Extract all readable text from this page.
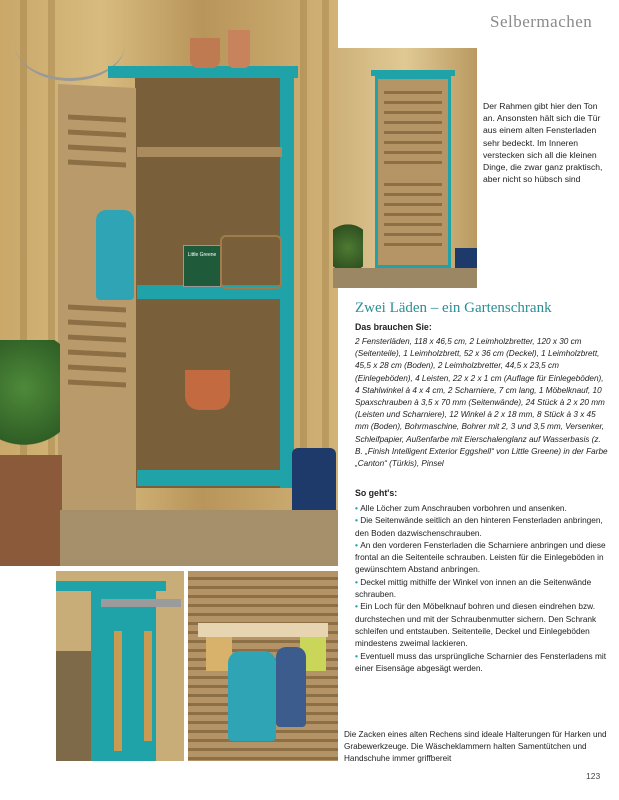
Little Greene
Selbermachen
Der Rahmen gibt hier den Ton an. Ansonsten hält sich die Tür aus einem alten Fensterladen sehr bedeckt. Im Inneren verstecken sich all die kleinen Dinge, die zwar ganz praktisch, aber nicht so hübsch sind
Zwei Läden – ein Gartenschrank
Das brauchen Sie:
2 Fensterläden, 118 x 46,5 cm, 2 Leimholzbretter, 120 x 30 cm (Seitenteile), 1 Leimholzbrett, 52 x 36 cm (Deckel), 1 Leimholzbrett, 45,5 x 28 cm (Boden), 2 Leimholzbretter, 44,5 x 23,5 cm (Einlegeböden), 4 Leisten, 22 x 2 x 1 cm (Auflage für Einlegeböden), 4 Stahlwinkel à 4 x 4 cm, 2 Scharniere, 7 cm lang, 1 Möbelknauf, 10 Spaxschrauben à 3,5 x 70 mm (Seitenwände), 24 Stück à 2 x 20 mm (Leisten und Scharniere), 12 Winkel à 2 x 18 mm, 8 Stück à 3 x 45 mm (Boden), Bohrmaschine, Bohrer mit 2, 3 und 3,5 mm, Versenker, Schleifpapier, Außenfarbe mit Eierschalenglanz auf Wasserbasis (z. B. „Finish Intelligent Exterior Eggshell“ von Little Greene) in der Farbe „Canton“ (Türkis), Pinsel
So geht's:

• Alle Löcher zum Anschrauben vorbohren und ansenken.

• Die Seitenwände seitlich an den hinteren Fensterladen anbringen, den Boden dazwischenschrauben.

• An den vorderen Fensterladen die Scharniere anbringen und diese frontal an die Seitenteile schrauben. Leisten für die Einlegeböden in gewünschtem Abstand anbringen.

• Deckel mittig mithilfe der Winkel von innen an die Seitenwände schrauben.

• Ein Loch für den Möbelknauf bohren und diesen eindrehen bzw. durchstechen und mit der Schraubenmutter sichern. Den Schrank schleifen und entstauben. Seitenteile, Deckel und Einlegeböden mindestens zweimal lackieren.

• Eventuell muss das ursprüngliche Scharnier des Fensterladens mit einer Eisensäge abgesägt werden.

Die Zacken eines alten Rechens sind ideale Halterungen für Harken und Grabewerkzeuge. Die Wäscheklammern halten Samentütchen und Handschuhe immer griffbereit
123
